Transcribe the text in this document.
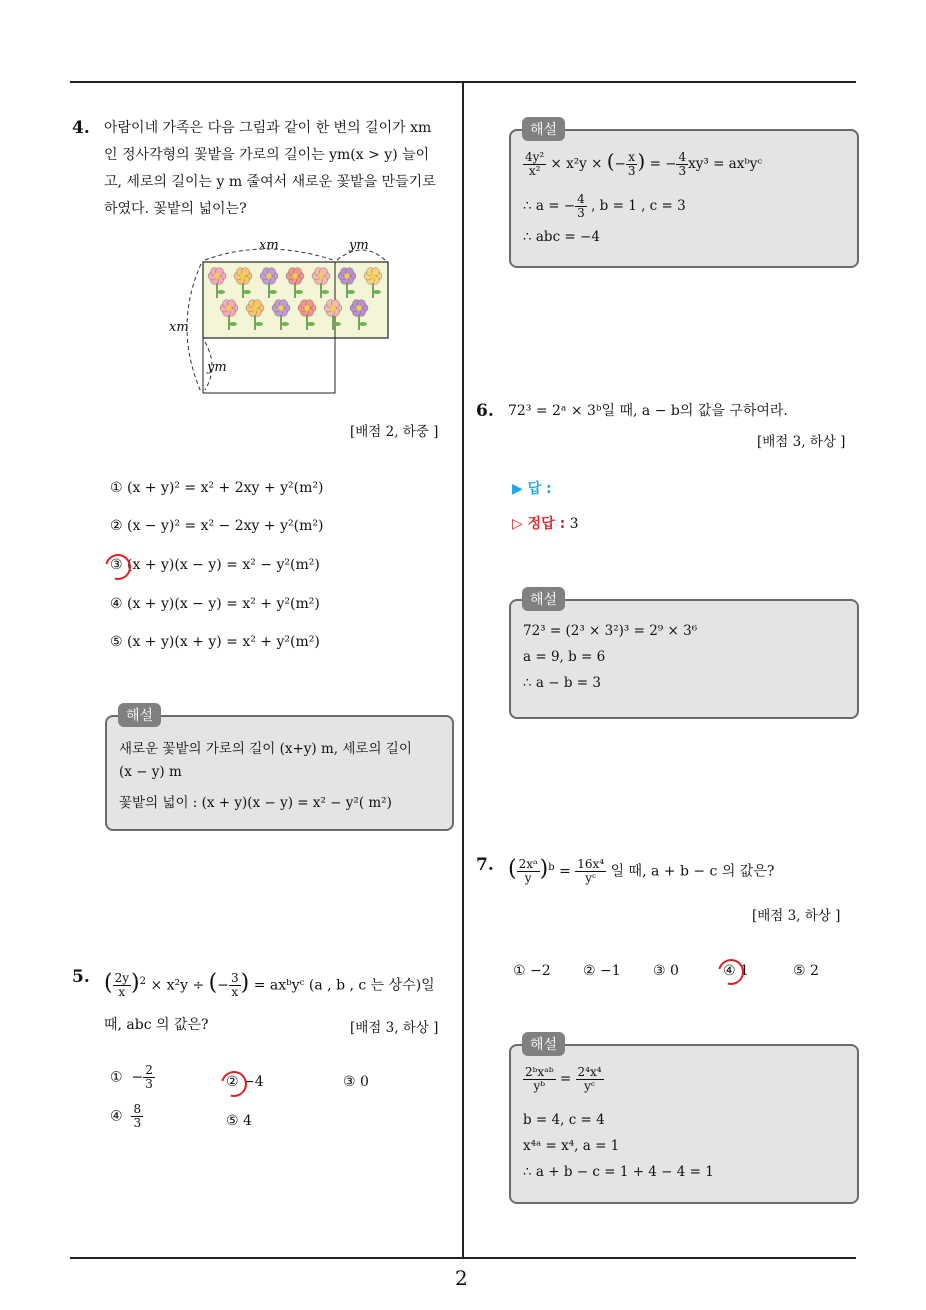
2
4. 아람이네 가족은 다음 그림과 같이 한 변의 길이가 xm
인 정사각형의 꽃밭을 가로의 길이는 ym(x > y) 늘이
고, 세로의 길이는 y m 줄여서 새로운 꽃밭을 만들기로
하였다. 꽃밭의 넓이는?
xm	ym
xm
ym
[배점 2, 하중 ]
① (x + y)² = x² + 2xy + y²(m²)
② (x − y)² = x² − 2xy + y²(m²)
③ (x + y)(x − y) = x² − y²(m²)
④ (x + y)(x − y) = x² + y²(m²)
⑤ (x + y)(x + y) = x² + y²(m²)
새로운 꽃밭의 가로의 길이 (x+y) m, 세로의 길이
(x − y) m
꽃밭의 넓이 : (x + y)(x − y) = x² − y²( m²)
해설
5. ( $\frac{2y}{x} )^2 \times x^2y$ ÷ (− $\frac{3}{x}$ ) = axᵇyᶜ (a , b , c 는 상수)일
때, abc 의 값은?	[배점 3, 하상 ]
①  − $\frac{2}{3}$	② −4	③ 0
④ $\frac{8}{3}$	⑤ 4
$\frac{\text{4y²}}{\text{x²}} \times x^2y$ × (− $\frac{x}{3}$ ) = − $\frac{4}{3} xy^3$ = axᵇyᶜ
∴ a = − $\frac{4}{3}$ , b = 1 , c = 3
∴ abc = −4
해설
6. 72³ = 2ᵃ × 3ᵇ일 때, a − b의 값을 구하여라.
[배점 3, 하상 ]
▶ 답 :
▷ 정답 : 3
72³ = (2³ × 3²)³ = 2⁹ × 3⁶
a = 9, b = 6
∴ a − b = 3
해설
7. ( $\frac{\text{2xᵃ}}{y} )^b = \frac{\text{16x⁴}}{\text{yᶜ}}$ 일 때, a + b − c 의 값은?
[배점 3, 하상 ]
① −2 ② −1 ③ 0	④ 1	⑤ 2
$\frac{\text{2ᵇxᵃᵇ}}{\text{yᵇ}} = \frac{\text{2⁴x⁴}}{\text{yᶜ}}$
b = 4, c = 4
x⁴ᵃ = x⁴, a = 1
∴ a + b − c = 1 + 4 − 4 = 1
해설
